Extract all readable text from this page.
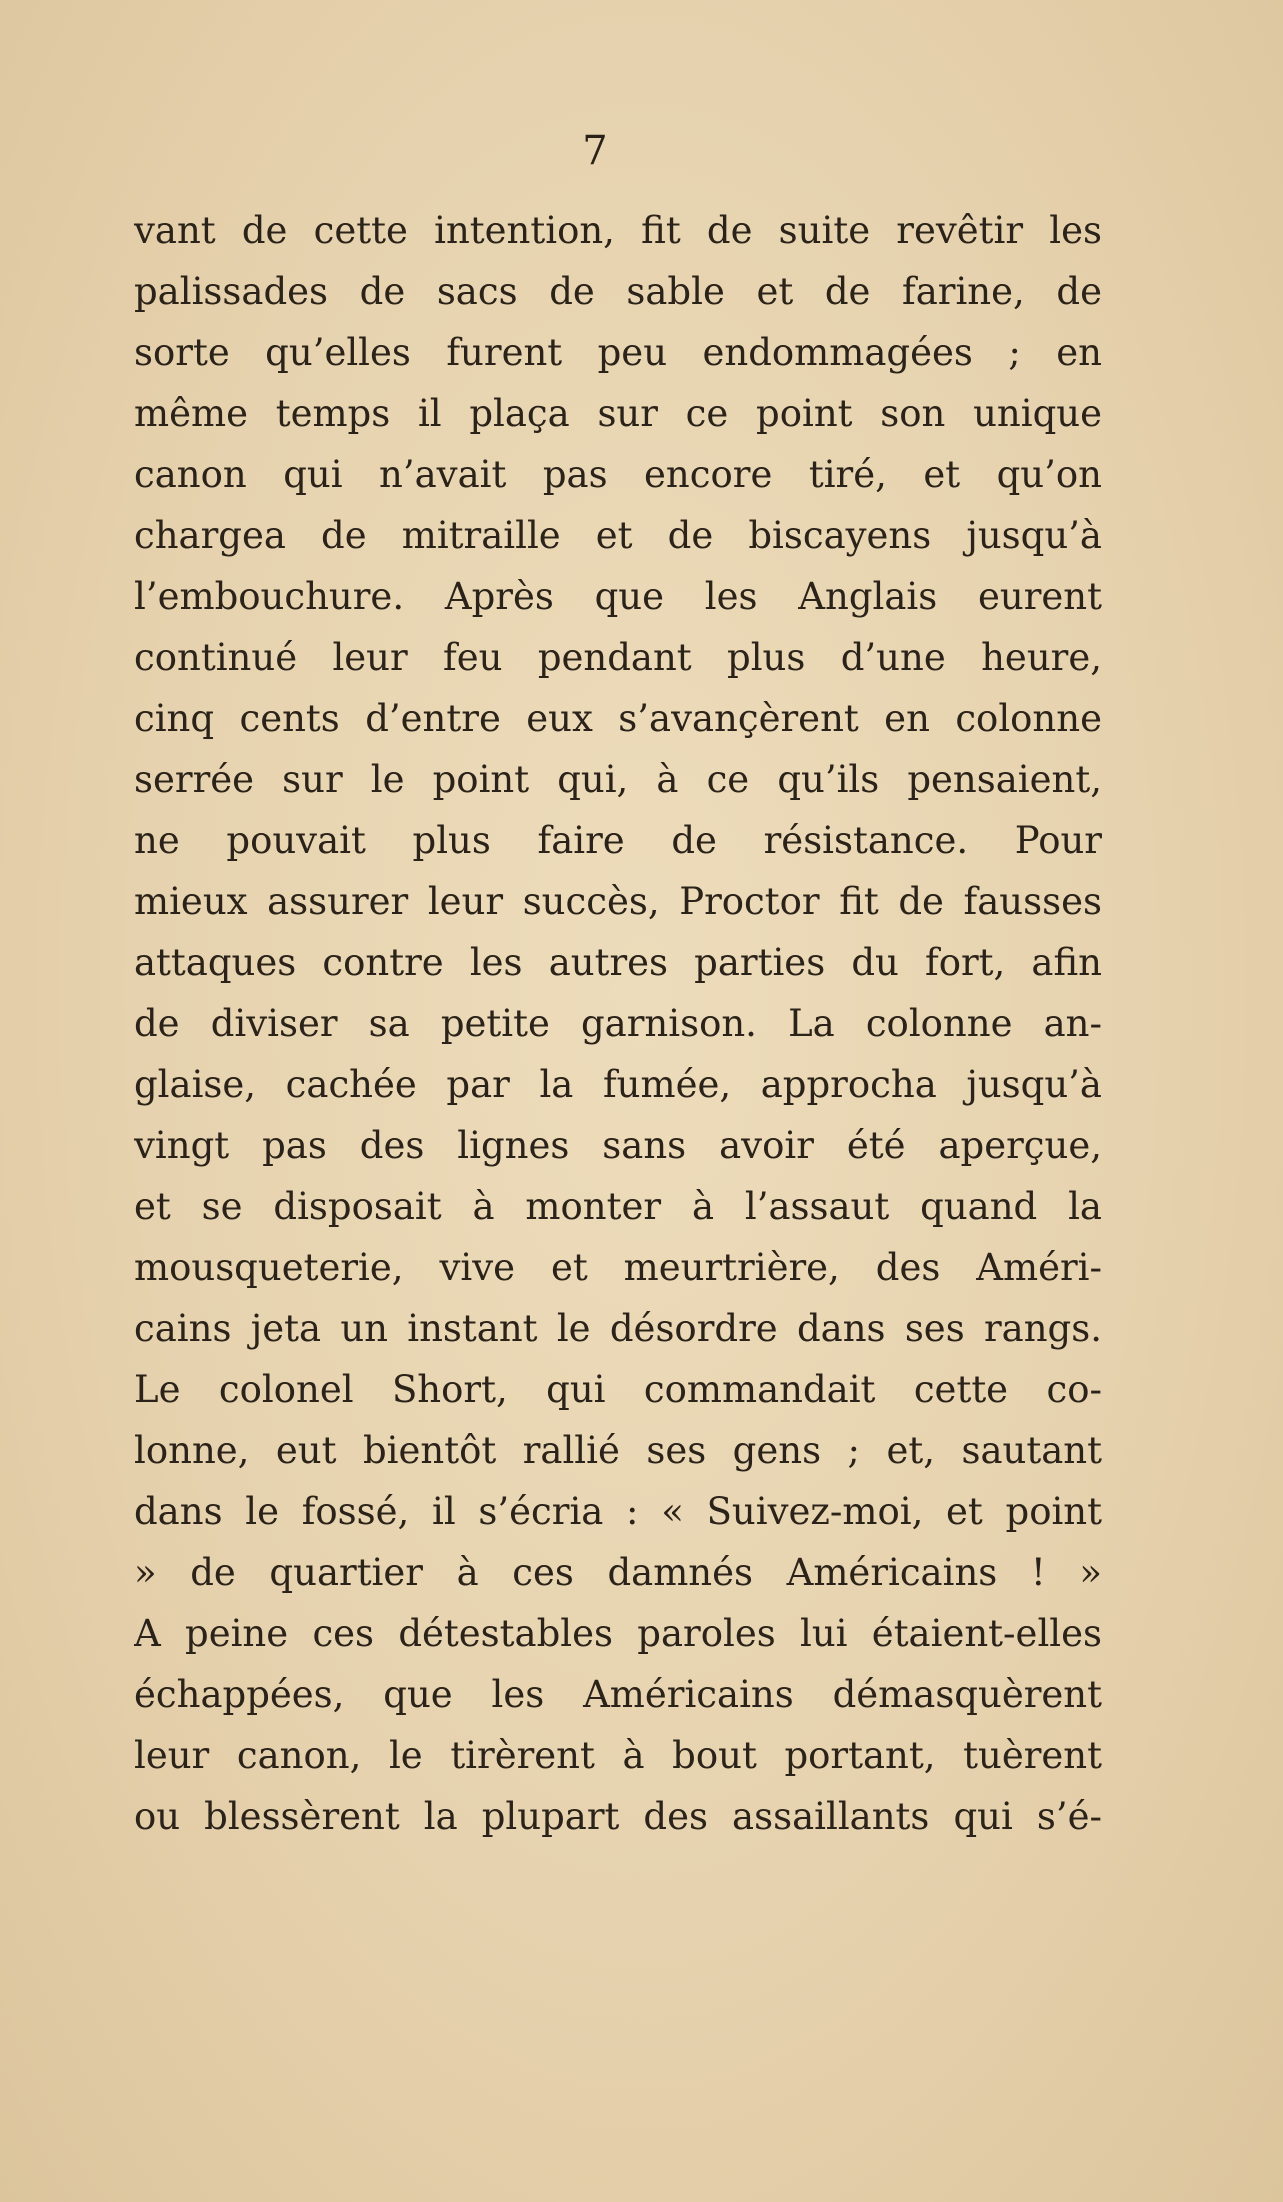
7
vant de cette intention, fit de suite revêtir les
palissades de sacs de sable et de farine, de
sorte qu’elles furent peu endommagées ; en
même temps il plaça sur ce point son unique
canon qui n’avait pas encore tiré, et qu’on
chargea de mitraille et de biscayens jusqu’à
l’embouchure. Après que les Anglais eurent
continué leur feu pendant plus d’une heure,
cinq cents d’entre eux s’avançèrent en colonne
serrée sur le point qui, à ce qu’ils pensaient,
ne pouvait plus faire de résistance. Pour
mieux assurer leur succès, Proctor fit de fausses
attaques contre les autres parties du fort, afin
de diviser sa petite garnison. La colonne an-
glaise, cachée par la fumée, approcha jusqu’à
vingt pas des lignes sans avoir été aperçue,
et se disposait à monter à l’assaut quand la
mousqueterie, vive et meurtrière, des Améri-
cains jeta un instant le désordre dans ses rangs.
Le colonel Short, qui commandait cette co-
lonne, eut bientôt rallié ses gens ; et, sautant
dans le fossé, il s’écria : « Suivez-moi, et point
» de quartier à ces damnés Américains ! »
A peine ces détestables paroles lui étaient-elles
échappées, que les Américains démasquèrent
leur canon, le tirèrent à bout portant, tuèrent
ou blessèrent la plupart des assaillants qui s’é-
